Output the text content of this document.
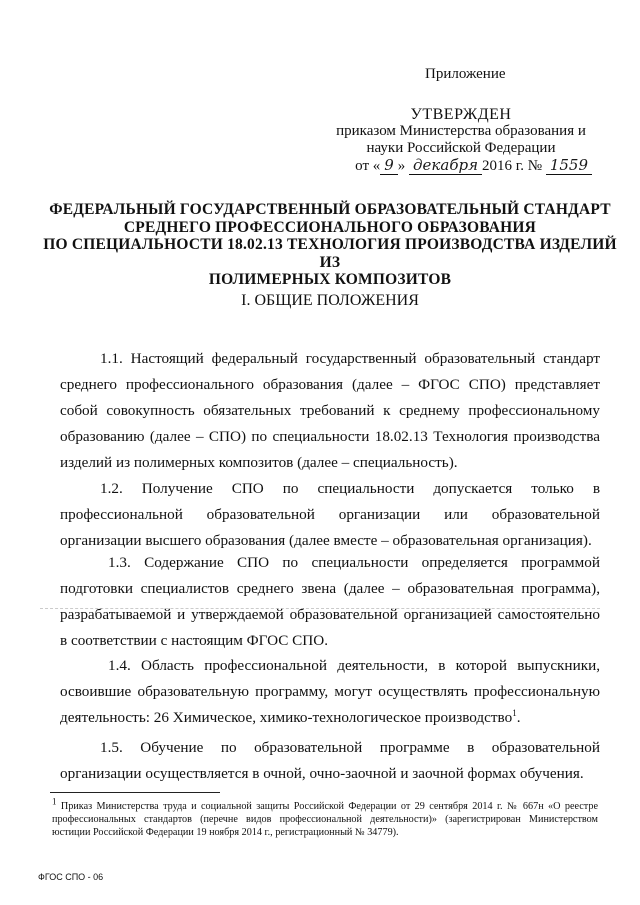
Приложение
УТВЕРЖДЕН
приказом Министерства образования и
науки Российской Федерации
от « 9 » декабря 2016 г. № 1559
ФЕДЕРАЛЬНЫЙ ГОСУДАРСТВЕННЫЙ ОБРАЗОВАТЕЛЬНЫЙ СТАНДАРТ
СРЕДНЕГО ПРОФЕССИОНАЛЬНОГО ОБРАЗОВАНИЯ
ПО СПЕЦИАЛЬНОСТИ 18.02.13 ТЕХНОЛОГИЯ ПРОИЗВОДСТВА ИЗДЕЛИЙ ИЗ
ПОЛИМЕРНЫХ КОМПОЗИТОВ
I. ОБЩИЕ ПОЛОЖЕНИЯ

1.1. Настоящий федеральный государственный образовательный стандарт среднего профессионального образования (далее – ФГОС СПО) представляет собой совокупность обязательных требований к среднему профессиональному образованию (далее – СПО) по специальности 18.02.13 Технология производства изделий из полимерных композитов (далее – специальность).

1.2. Получение СПО по специальности допускается только в профессиональной образовательной организации или образовательной организации высшего образования (далее вместе – образовательная организация).

1.3. Содержание СПО по специальности определяется программой подготовки специалистов среднего звена (далее – образовательная программа), разрабатываемой и утверждаемой образовательной организацией самостоятельно в соответствии с настоящим ФГОС СПО.

1.4. Область профессиональной деятельности, в которой выпускники, освоившие образовательную программу, могут осуществлять профессиональную деятельность: 26 Химическое, химико-технологическое производство$^1$.

1.5. Обучение по образовательной программе в образовательной организации осуществляется в очной, очно-заочной и заочной формах обучения.

$^1$ Приказ Министерства труда и социальной защиты Российской Федерации от 29 сентября 2014 г. № 667н «О реестре профессиональных стандартов (перечне видов профессиональной деятельности)» (зарегистрирован Министерством юстиции Российской Федерации 19 ноября 2014 г., регистрационный № 34779).

ФГОС СПО - 06
